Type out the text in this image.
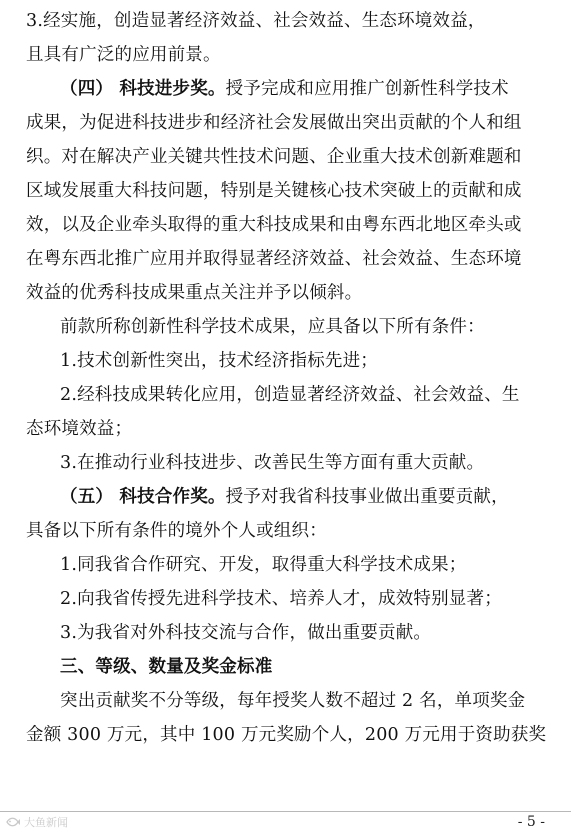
3.经实施，创造显著经济效益、社会效益、生态环境效益，
且具有广泛的应用前景。
（四） 科技进步奖。授予完成和应用推广创新性科学技术
成果，为促进科技进步和经济社会发展做出突出贡献的个人和组
织。对在解决产业关键共性技术问题、企业重大技术创新难题和
区域发展重大科技问题，特别是关键核心技术突破上的贡献和成
效，以及企业牵头取得的重大科技成果和由粤东西北地区牵头或
在粤东西北推广应用并取得显著经济效益、社会效益、生态环境
效益的优秀科技成果重点关注并予以倾斜。
前款所称创新性科学技术成果，应具备以下所有条件：
1.技术创新性突出，技术经济指标先进；
2.经科技成果转化应用，创造显著经济效益、社会效益、生
态环境效益；
3.在推动行业科技进步、改善民生等方面有重大贡献。
（五） 科技合作奖。授予对我省科技事业做出重要贡献，
具备以下所有条件的境外个人或组织：
1.同我省合作研究、开发，取得重大科学技术成果；
2.向我省传授先进科学技术、培养人才，成效特别显著；
3.为我省对外科技交流与合作，做出重要贡献。
三、等级、数量及奖金标准
突出贡献奖不分等级，每年授奖人数不超过 2 名，单项奖金
金额 300 万元，其中 100 万元奖励个人，200 万元用于资助获奖
大鱼新闻	- 5 -
